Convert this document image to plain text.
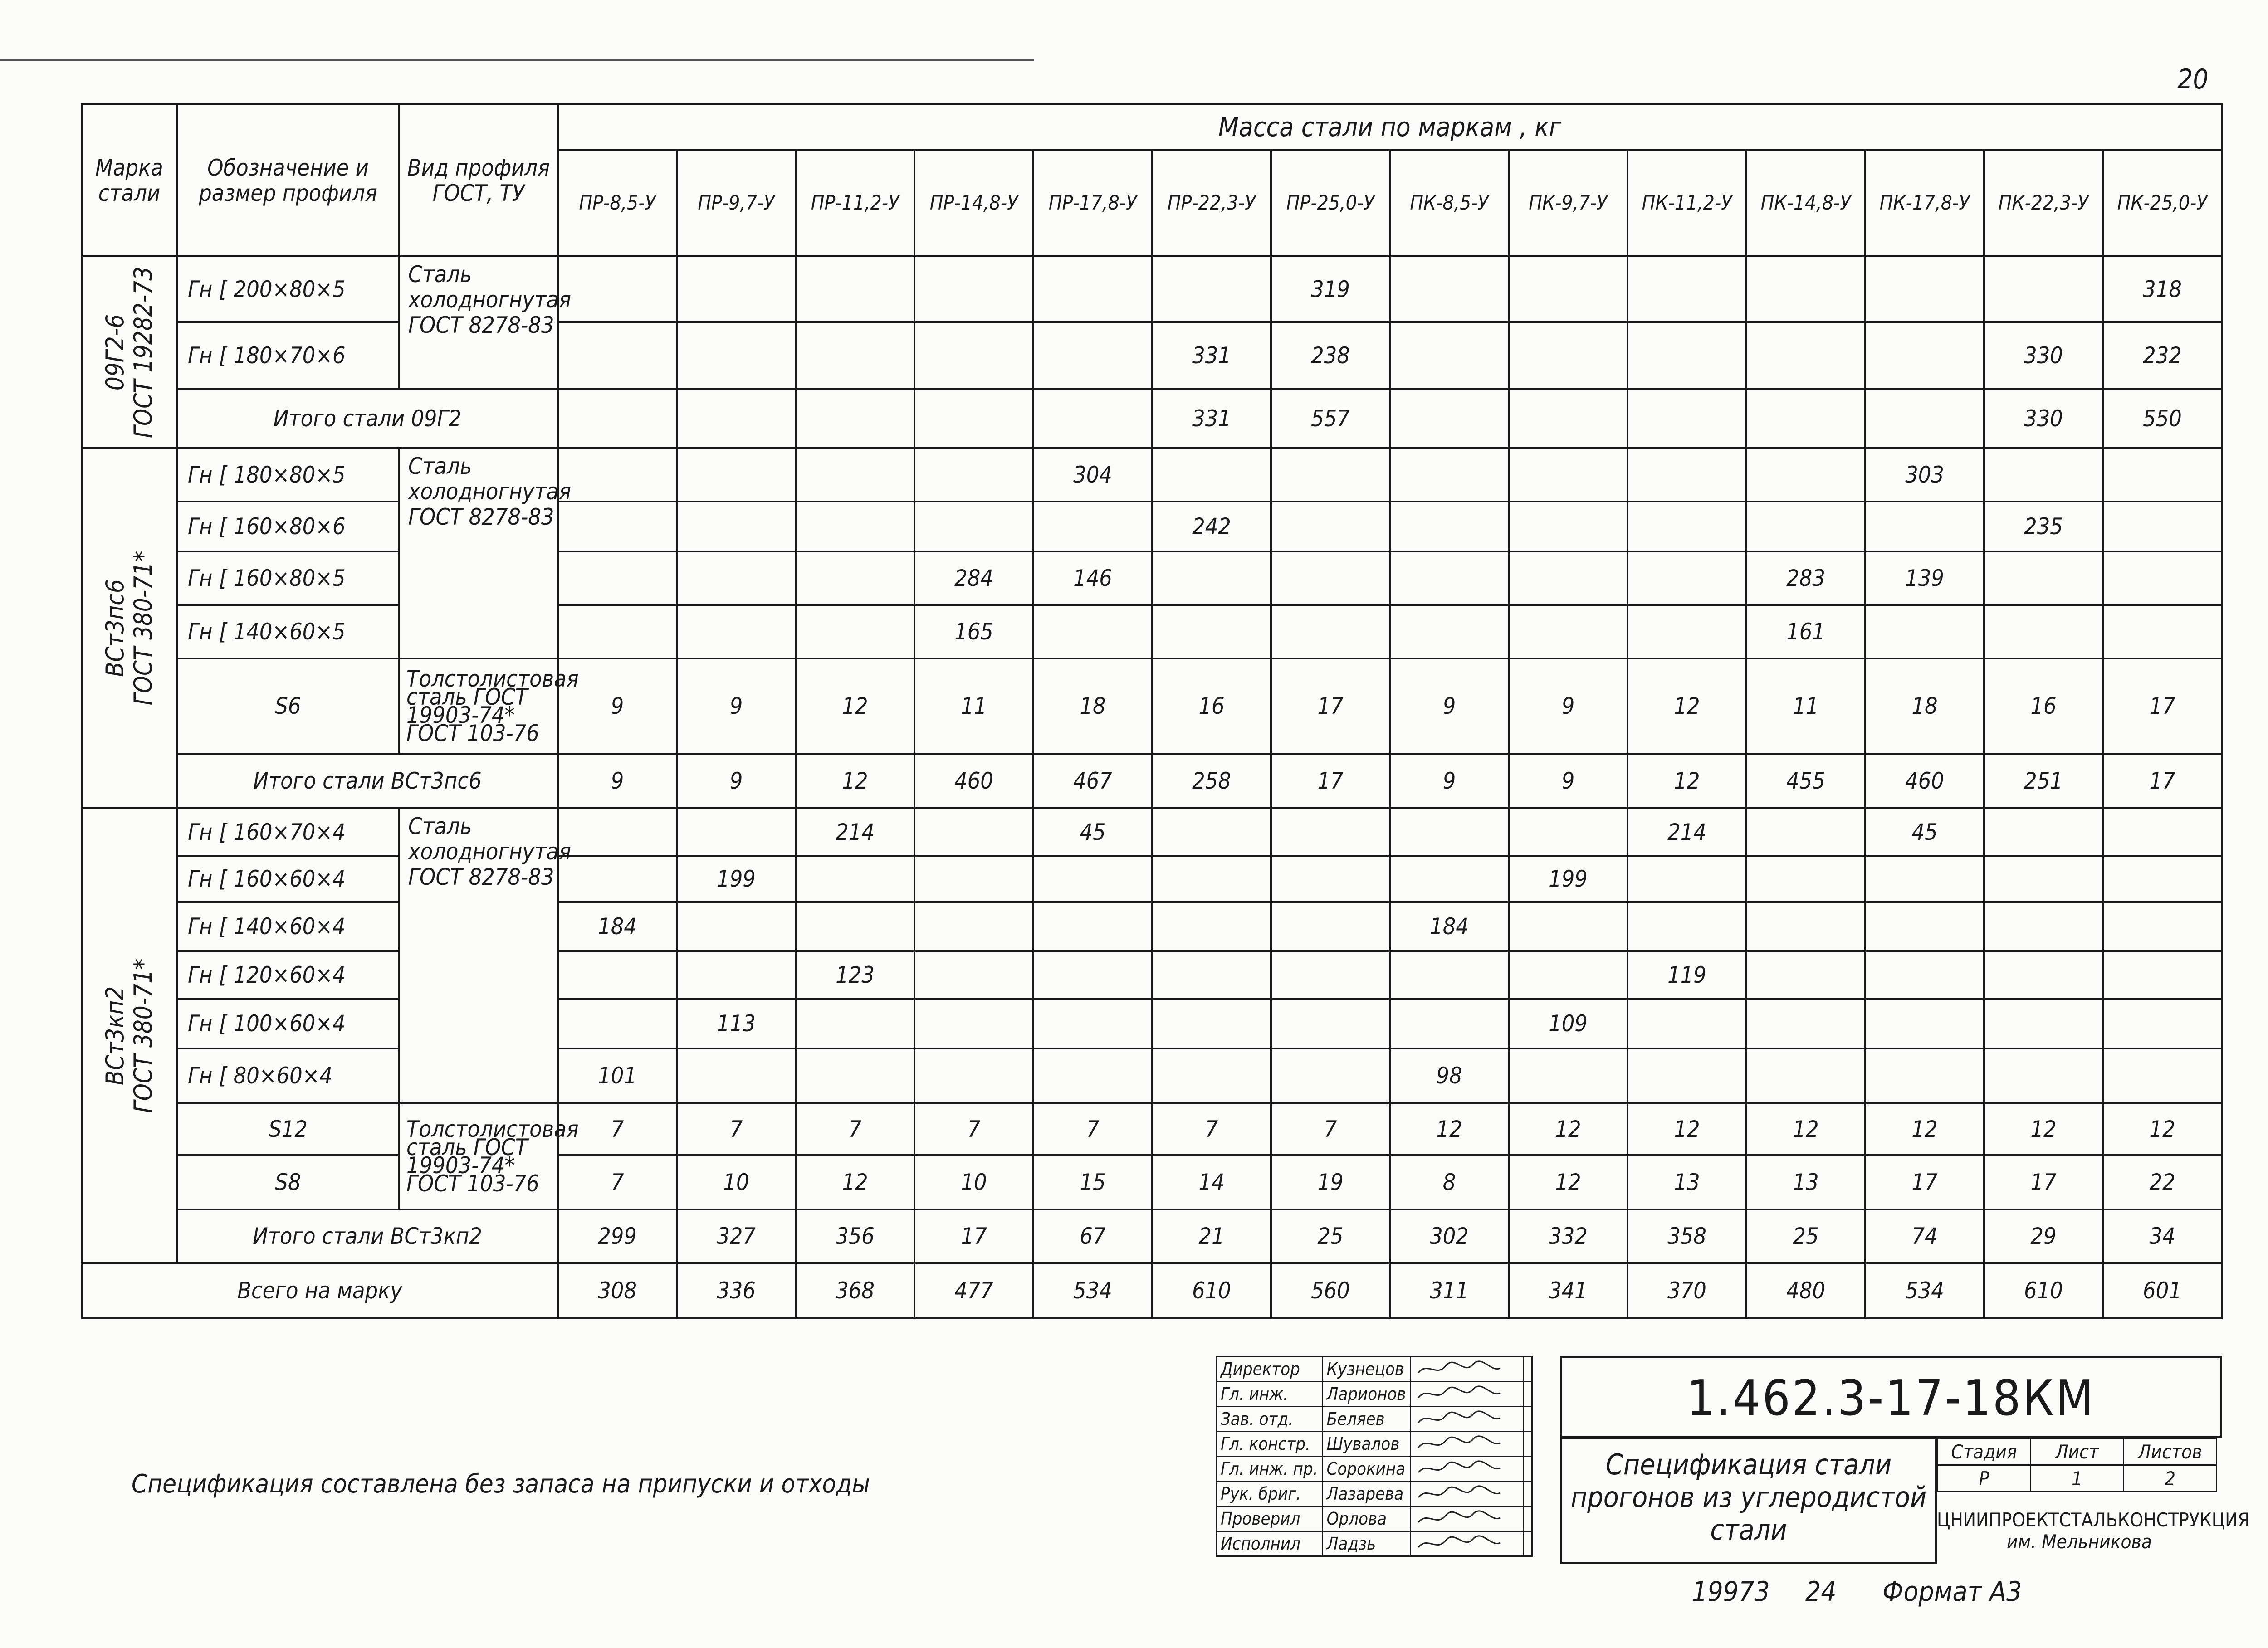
20
Марка стали	Обозначение и размер профиля	Вид профиля ГОСТ, ТУ	Масса стали по маркам , кг													
			ПР-8,5-У	ПР-9,7-У	ПР-11,2-У	ПР-14,8-У	ПР-17,8-У	ПР-22,3-У	ПР-25,0-У	ПК-8,5-У	ПК-9,7-У	ПК-11,2-У	ПК-14,8-У	ПК-17,8-У	ПК-22,3-У	ПК-25,0-У

09Г2-6 ГОСТ 19282-73	Гн [ 200×80×5	Сталь холодногнутая ГОСТ 8278-83							319							318
	Гн [ 180×70×6							331	238						330	232
	Итого стали 09Г2							331	557						330	550

ВСт3пс6 ГОСТ 380-71*	Гн [ 180×80×5	Сталь холодногнутая ГОСТ 8278-83					304							303		
	Гн [ 160×80×6							242							235	
	Гн [ 160×80×5					284	146						283	139		
	Гн [ 140×60×5					165							161			
	S6	Толстолистовая сталь ГОСТ 19903-74* ГОСТ 103-76	9	9	12	11	18	16	17	9	9	12	11	18	16	17
	Итого стали ВСт3пс6		9	9	12	460	467	258	17	9	9	12	455	460	251	17

ВСт3кп2 ГОСТ 380-71*	Гн [ 160×70×4	Сталь холодногнутая ГОСТ 8278-83			214		45					214		45		
	Гн [ 160×60×4			199							199					
	Гн [ 140×60×4		184							184						
	Гн [ 120×60×4				123							119				
	Гн [ 100×60×4			113							109					
	Гн [ 80×60×4		101							98						
	S12	Толстолистовая сталь ГОСТ 19903-74* ГОСТ 103-76	7	7	7	7	7	7	7	12	12	12	12	12	12	12
	S8		7	10	12	10	15	14	19	8	12	13	13	17	17	22
	Итого стали ВСт3кп2		299	327	356	17	67	21	25	302	332	358	25	74	29	34
Всего на марку			308	336	368	477	534	610	560	311	341	370	480	534	610	601
Спецификация составлена без запаса на припуски и отходы
Директор	Кузнецов	

Гл. инж.	Ларионов	

Зав. отд.	Беляев	

Гл. констр.	Шувалов	

Гл. инж. пр.	Сорокина	

Рук. бриг.	Лазарева	

Проверил	Орлова	

Исполнил	Ладзь	

1.462.3-17-18КМ
Спецификация стали прогонов из углеродистой стали
Стадия	Лист	Листов
Р	1	2
ЦНИИПРОЕКТСТАЛЬКОНСТРУКЦИЯ
им. Мельникова
19973 24 Формат А3
